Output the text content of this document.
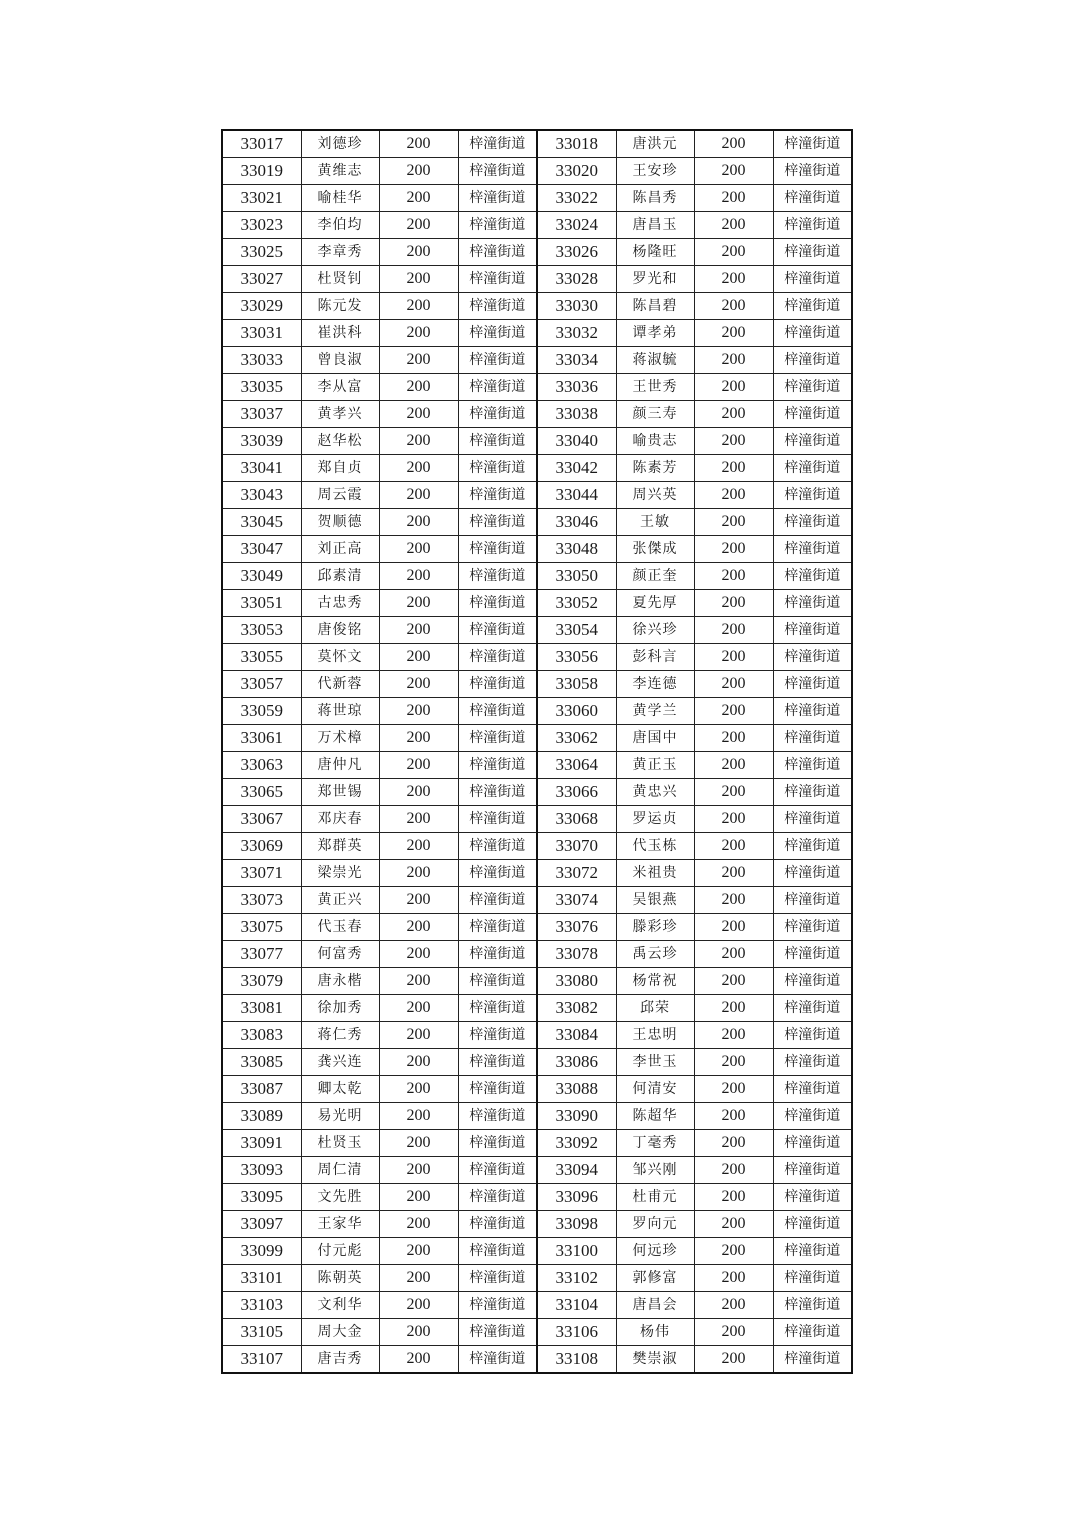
33017	刘德珍	200	梓潼街道	33018	唐洪元	200	梓潼街道
33019	黄维志	200	梓潼街道	33020	王安珍	200	梓潼街道
33021	喻桂华	200	梓潼街道	33022	陈昌秀	200	梓潼街道
33023	李伯均	200	梓潼街道	33024	唐昌玉	200	梓潼街道
33025	李章秀	200	梓潼街道	33026	杨隆旺	200	梓潼街道
33027	杜贤钊	200	梓潼街道	33028	罗光和	200	梓潼街道
33029	陈元发	200	梓潼街道	33030	陈昌碧	200	梓潼街道
33031	崔洪科	200	梓潼街道	33032	谭孝弟	200	梓潼街道
33033	曾良淑	200	梓潼街道	33034	蒋淑毓	200	梓潼街道
33035	李从富	200	梓潼街道	33036	王世秀	200	梓潼街道
33037	黄孝兴	200	梓潼街道	33038	颜三寿	200	梓潼街道
33039	赵华松	200	梓潼街道	33040	喻贵志	200	梓潼街道
33041	郑自贞	200	梓潼街道	33042	陈素芳	200	梓潼街道
33043	周云霞	200	梓潼街道	33044	周兴英	200	梓潼街道
33045	贺顺德	200	梓潼街道	33046	王敏	200	梓潼街道
33047	刘正高	200	梓潼街道	33048	张傑成	200	梓潼街道
33049	邱素清	200	梓潼街道	33050	颜正奎	200	梓潼街道
33051	古忠秀	200	梓潼街道	33052	夏先厚	200	梓潼街道
33053	唐俊铭	200	梓潼街道	33054	徐兴珍	200	梓潼街道
33055	莫怀文	200	梓潼街道	33056	彭科言	200	梓潼街道
33057	代新蓉	200	梓潼街道	33058	李连德	200	梓潼街道
33059	蒋世琼	200	梓潼街道	33060	黄学兰	200	梓潼街道
33061	万术樟	200	梓潼街道	33062	唐国中	200	梓潼街道
33063	唐仲凡	200	梓潼街道	33064	黄正玉	200	梓潼街道
33065	郑世锡	200	梓潼街道	33066	黄忠兴	200	梓潼街道
33067	邓庆春	200	梓潼街道	33068	罗运贞	200	梓潼街道
33069	郑群英	200	梓潼街道	33070	代玉栋	200	梓潼街道
33071	梁崇光	200	梓潼街道	33072	米祖贵	200	梓潼街道
33073	黄正兴	200	梓潼街道	33074	吴银燕	200	梓潼街道
33075	代玉春	200	梓潼街道	33076	滕彩珍	200	梓潼街道
33077	何富秀	200	梓潼街道	33078	禹云珍	200	梓潼街道
33079	唐永楷	200	梓潼街道	33080	杨常祝	200	梓潼街道
33081	徐加秀	200	梓潼街道	33082	邱荣	200	梓潼街道
33083	蒋仁秀	200	梓潼街道	33084	王忠明	200	梓潼街道
33085	龚兴连	200	梓潼街道	33086	李世玉	200	梓潼街道
33087	卿太乾	200	梓潼街道	33088	何清安	200	梓潼街道
33089	易光明	200	梓潼街道	33090	陈超华	200	梓潼街道
33091	杜贤玉	200	梓潼街道	33092	丁毫秀	200	梓潼街道
33093	周仁清	200	梓潼街道	33094	邹兴刚	200	梓潼街道
33095	文先胜	200	梓潼街道	33096	杜甫元	200	梓潼街道
33097	王家华	200	梓潼街道	33098	罗向元	200	梓潼街道
33099	付元彪	200	梓潼街道	33100	何远珍	200	梓潼街道
33101	陈朝英	200	梓潼街道	33102	郭修富	200	梓潼街道
33103	文利华	200	梓潼街道	33104	唐昌会	200	梓潼街道
33105	周大金	200	梓潼街道	33106	杨伟	200	梓潼街道
33107	唐吉秀	200	梓潼街道	33108	樊崇淑	200	梓潼街道
